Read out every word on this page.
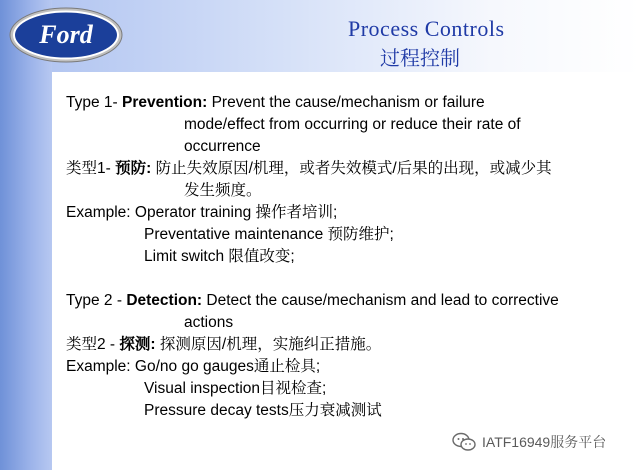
Ford	Process Controls
过程控制
Type 1- Prevention: Prevent the cause/mechanism or failure
mode/effect from occurring or reduce their rate of
occurrence
类型1- 预防: 防止失效原因/机理，或者失效模式/后果的出现，或减少其
发生频度。
Example: Operator training 操作者培训;
Preventative maintenance 预防维护;
Limit switch 限值改变;
Type 2 - Detection: Detect the cause/mechanism and lead to corrective
actions
类型2 - 探测: 探测原因/机理，实施纠正措施。
Example: Go/no go gauges通止检具;
Visual inspection目视检查;
Pressure decay tests压力衰减测试
IATF16949服务平台
